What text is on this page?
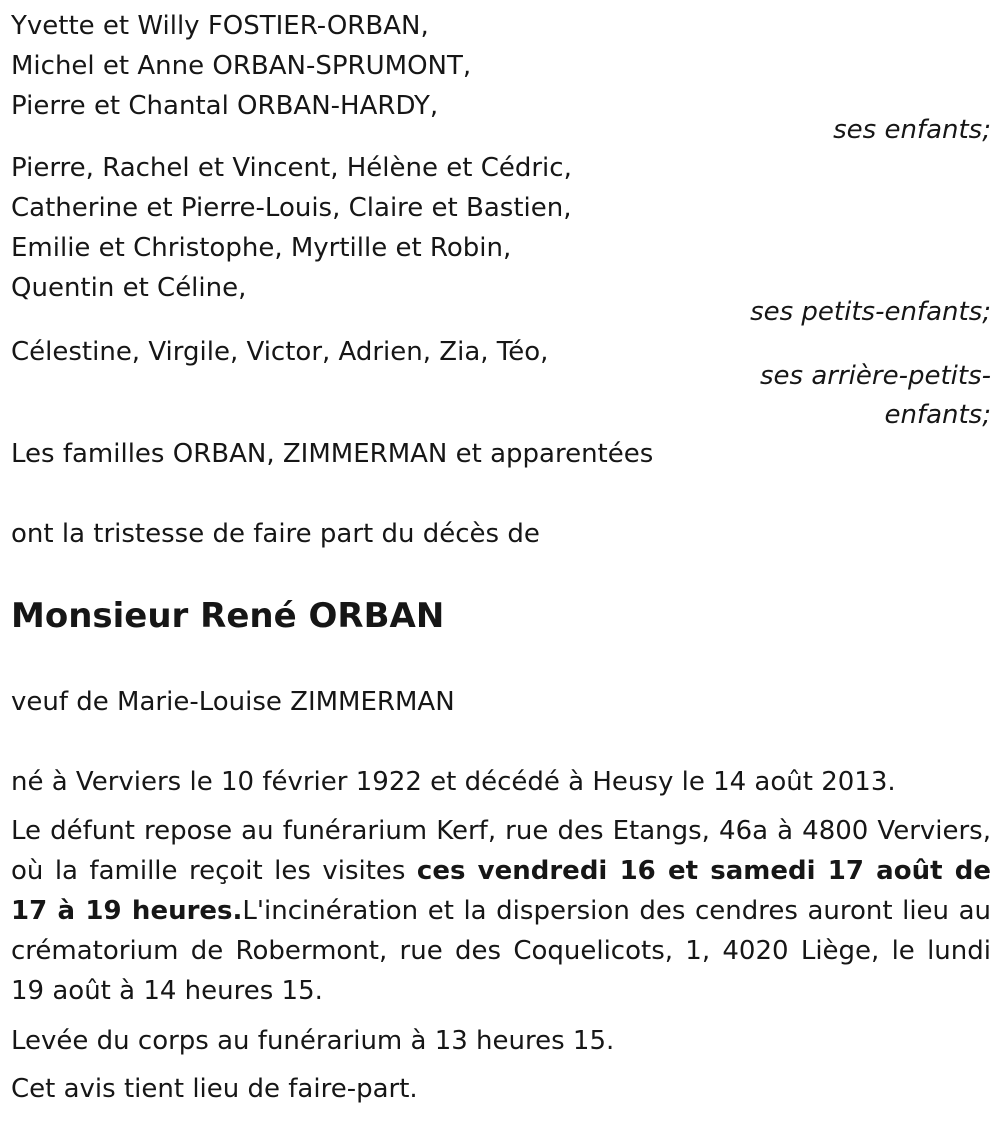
Yvette et Willy FOSTIER-ORBAN,
Michel et Anne ORBAN-SPRUMONT,
Pierre et Chantal ORBAN-HARDY,
ses enfants;
Pierre, Rachel et Vincent, Hélène et Cédric,
Catherine et Pierre-Louis, Claire et Bastien,
Emilie et Christophe, Myrtille et Robin,
Quentin et Céline,
ses petits-enfants;
Célestine, Virgile, Victor, Adrien, Zia, Téo,
ses arrière-petits-
enfants;
Les familles ORBAN, ZIMMERMAN et apparentées
ont la tristesse de faire part du décès de
Monsieur René ORBAN
veuf de Marie-Louise ZIMMERMAN
né à Verviers le 10 février 1922 et décédé à Heusy le 14 août 2013.
Le défunt repose au funérarium Kerf, rue des Etangs, 46a à 4800 Verviers, où la famille reçoit les visites ces vendredi 16 et samedi 17 août de 17 à 19 heures.L'incinération et la dispersion des cendres auront lieu au crématorium de Robermont, rue des Coquelicots, 1, 4020 Liège, le lundi 19 août à 14 heures 15.
Levée du corps au funérarium à 13 heures 15.
Cet avis tient lieu de faire-part.
